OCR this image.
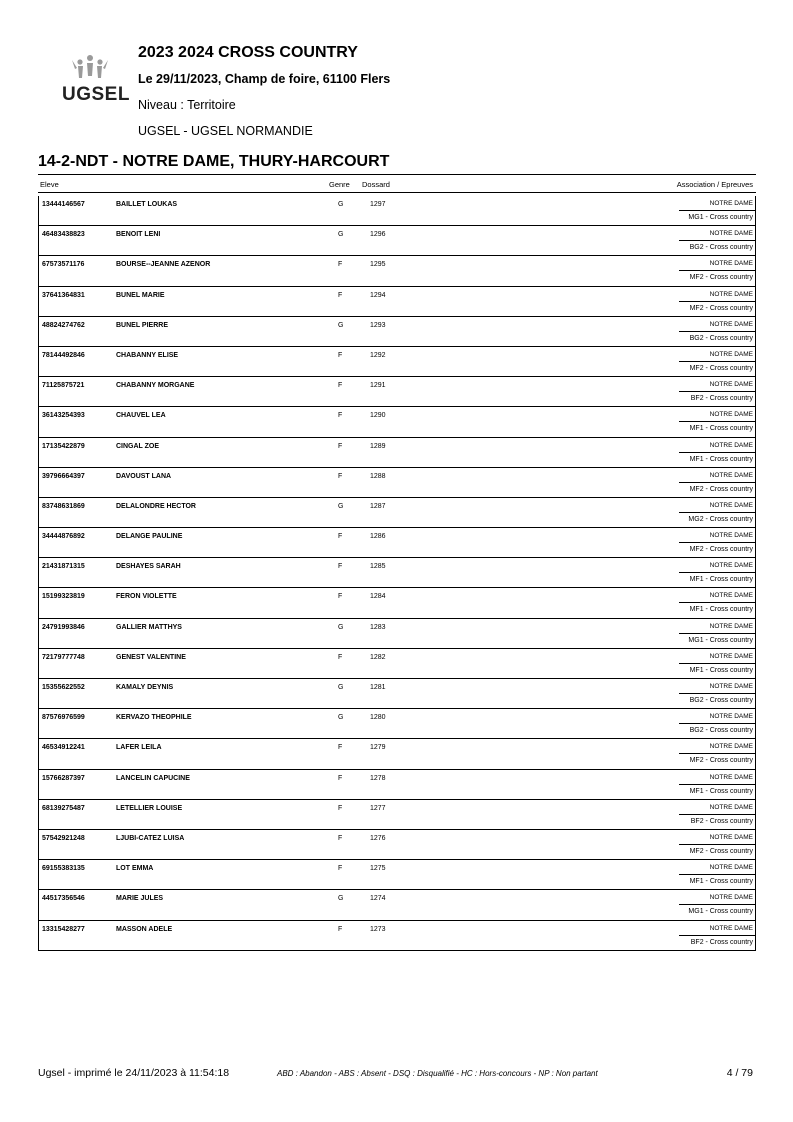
UGSEL
2023 2024 CROSS COUNTRY
Le 29/11/2023, Champ de foire, 61100 Flers
Niveau : Territoire
UGSEL - UGSEL NORMANDIE
14-2-NDT - NOTRE DAME, THURY-HARCOURT
Eleve	Genre Dossard	Association / Epreuves
13444146567	BAILLET LOUKAS	G	1297	NOTRE DAME
MG1 - Cross country
46483438823	BENOIT LENI	G	1296	NOTRE DAME
BG2 - Cross country
67573571176	BOURSE--JEANNE AZENOR	F	1295	NOTRE DAME
MF2 - Cross country
37641364831	BUNEL MARIE	F	1294	NOTRE DAME
MF2 - Cross country
48824274762	BUNEL PIERRE	G	1293	NOTRE DAME
BG2 - Cross country
78144492846	CHABANNY ELISE	F	1292	NOTRE DAME
MF2 - Cross country
71125875721	CHABANNY MORGANE	F	1291	NOTRE DAME
BF2 - Cross country
36143254393	CHAUVEL LEA	F	1290	NOTRE DAME
MF1 - Cross country
17135422879	CINGAL ZOE	F	1289	NOTRE DAME
MF1 - Cross country
39796664397	DAVOUST LANA	F	1288	NOTRE DAME
MF2 - Cross country
83748631869	DELALONDRE HECTOR	G	1287	NOTRE DAME
MG2 - Cross country
34444876892	DELANGE PAULINE	F	1286	NOTRE DAME
MF2 - Cross country
21431871315	DESHAYES SARAH	F	1285	NOTRE DAME
MF1 - Cross country
15199323819	FERON VIOLETTE	F	1284	NOTRE DAME
MF1 - Cross country
24791993846	GALLIER MATTHYS	G	1283	NOTRE DAME
MG1 - Cross country
72179777748	GENEST VALENTINE	F	1282	NOTRE DAME
MF1 - Cross country
15355622552	KAMALY DEYNIS	G	1281	NOTRE DAME
BG2 - Cross country
87576976599	KERVAZO THEOPHILE	G	1280	NOTRE DAME
BG2 - Cross country
46534912241	LAFER LEILA	F	1279	NOTRE DAME
MF2 - Cross country
15766287397	LANCELIN CAPUCINE	F	1278	NOTRE DAME
MF1 - Cross country
68139275487	LETELLIER LOUISE	F	1277	NOTRE DAME
BF2 - Cross country
57542921248	LJUBI-CATEZ LUISA	F	1276	NOTRE DAME
MF2 - Cross country
69155383135	LOT EMMA	F	1275	NOTRE DAME
MF1 - Cross country
44517356546	MARIE JULES	G	1274	NOTRE DAME
MG1 - Cross country
13315428277	MASSON ADELE	F	1273	NOTRE DAME
BF2 - Cross country
Ugsel - imprimé le 24/11/2023 à 11:54:18	ABD : Abandon - ABS : Absent - DSQ : Disqualifié - HC : Hors-concours - NP : Non partant	4 / 79
